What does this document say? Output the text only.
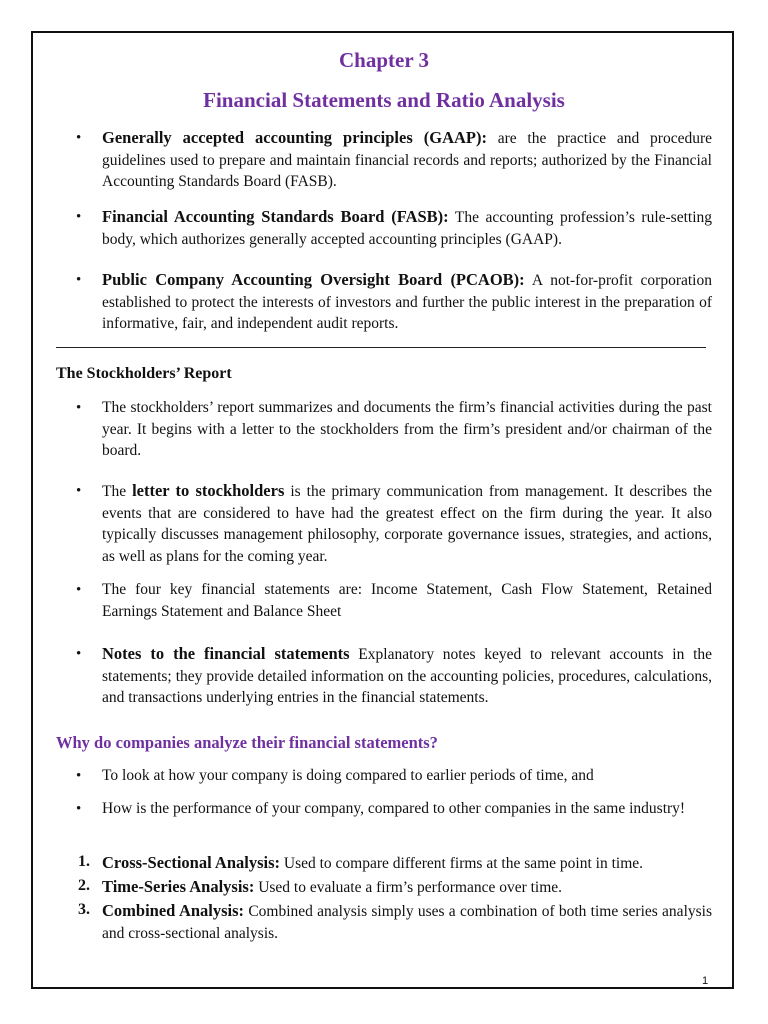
Chapter 3
Financial Statements and Ratio Analysis
• Generally accepted accounting principles (GAAP): are the practice and procedure guidelines used to prepare and maintain financial records and reports; authorized by the Financial Accounting Standards Board (FASB).
• Financial Accounting Standards Board (FASB): The accounting profession’s rule-setting body, which authorizes generally accepted accounting principles (GAAP).
• Public Company Accounting Oversight Board (PCAOB): A not-for-profit corporation established to protect the interests of investors and further the public interest in the preparation of informative, fair, and independent audit reports.
The Stockholders’ Report
• The stockholders’ report summarizes and documents the firm’s financial activities during the past year. It begins with a letter to the stockholders from the firm’s president and/or chairman of the board.
• The letter to stockholders is the primary communication from management. It describes the events that are considered to have had the greatest effect on the firm during the year. It also typically discusses management philosophy, corporate governance issues, strategies, and actions, as well as plans for the coming year.
• The four key financial statements are: Income Statement, Cash Flow Statement, Retained Earnings Statement and Balance Sheet
• Notes to the financial statements Explanatory notes keyed to relevant accounts in the statements; they provide detailed information on the accounting policies, procedures, calculations, and transactions underlying entries in the financial statements.
Why do companies analyze their financial statements?
• To look at how your company is doing compared to earlier periods of time, and
• How is the performance of your company, compared to other companies in the same industry!
1. Cross-Sectional Analysis: Used to compare different firms at the same point in time.
2. Time-Series Analysis: Used to evaluate a firm’s performance over time.
3. Combined Analysis: Combined analysis simply uses a combination of both time series analysis and cross-sectional analysis.
1
